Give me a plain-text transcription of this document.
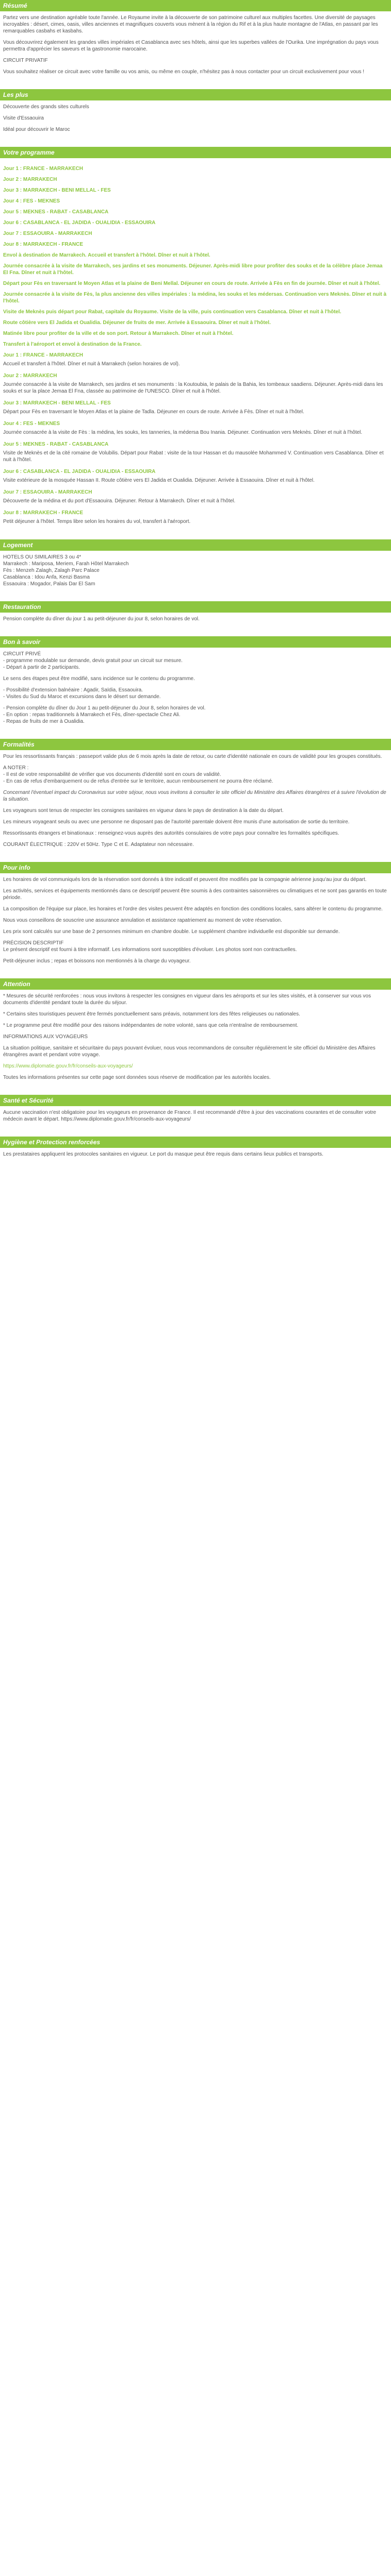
Résumé

Partez vers une destination agréable toute l'année. Le Royaume invite à la découverte de son patrimoine culturel aux multiples facettes. Une diversité de paysages incroyables : désert, cimes, oasis, villes anciennes et magnifiques couverts vous mènent à la région du Rif et à la plus haute montagne de l'Atlas, en passant par les remarquables casbahs et kasbahs.

Vous découvrirez également les grandes villes impériales et Casablanca avec ses hôtels, ainsi que les superbes vallées de l'Ourika. Une imprégnation du pays vous permettra d'apprécier les saveurs et la gastronomie marocaine.

CIRCUIT PRIVATIF

Vous souhaitez réaliser ce circuit avec votre famille ou vos amis, ou même en couple, n'hésitez pas à nous contacter pour un circuit exclusivement pour vous !

Les plus

Découverte des grands sites culturels

Visite d'Essaouira

Idéal pour découvrir le Maroc

Votre programme

Jour 1 : FRANCE - MARRAKECH

Jour 2 : MARRAKECH

Jour 3 : MARRAKECH - BENI MELLAL - FES

Jour 4 : FES - MEKNES

Jour 5 : MEKNES - RABAT - CASABLANCA

Jour 6 : CASABLANCA - EL JADIDA - OUALIDIA - ESSAOUIRA

Jour 7 : ESSAOUIRA - MARRAKECH

Jour 8 : MARRAKECH - FRANCE

Envol à destination de Marrakech. Accueil et transfert à l'hôtel. Dîner et nuit à l'hôtel.

Journée consacrée à la visite de Marrakech, ses jardins et ses monuments. Déjeuner. Après-midi libre pour profiter des souks et de la célèbre place Jemaa El Fna. Dîner et nuit à l'hôtel.

Départ pour Fès en traversant le Moyen Atlas et la plaine de Beni Mellal. Déjeuner en cours de route. Arrivée à Fès en fin de journée. Dîner et nuit à l'hôtel.

Journée consacrée à la visite de Fès, la plus ancienne des villes impériales : la médina, les souks et les médersas. Continuation vers Meknès. Dîner et nuit à l'hôtel.

Visite de Meknès puis départ pour Rabat, capitale du Royaume. Visite de la ville, puis continuation vers Casablanca. Dîner et nuit à l'hôtel.

Route côtière vers El Jadida et Oualidia. Déjeuner de fruits de mer. Arrivée à Essaouira. Dîner et nuit à l'hôtel.

Matinée libre pour profiter de la ville et de son port. Retour à Marrakech. Dîner et nuit à l'hôtel.

Transfert à l'aéroport et envol à destination de la France.

Jour 1 : FRANCE - MARRAKECH

Accueil et transfert à l'hôtel. Dîner et nuit à Marrakech (selon horaires de vol).

Jour 2 : MARRAKECH

Journée consacrée à la visite de Marrakech, ses jardins et ses monuments : la Koutoubia, le palais de la Bahia, les tombeaux saadiens. Déjeuner. Après-midi dans les souks et sur la place Jemaa El Fna, classée au patrimoine de l'UNESCO. Dîner et nuit à l'hôtel.

Jour 3 : MARRAKECH - BENI MELLAL - FES

Départ pour Fès en traversant le Moyen Atlas et la plaine de Tadla. Déjeuner en cours de route. Arrivée à Fès. Dîner et nuit à l'hôtel.

Jour 4 : FES - MEKNES

Journée consacrée à la visite de Fès : la médina, les souks, les tanneries, la médersa Bou Inania. Déjeuner. Continuation vers Meknès. Dîner et nuit à l'hôtel.

Jour 5 : MEKNES - RABAT - CASABLANCA

Visite de Meknès et de la cité romaine de Volubilis. Départ pour Rabat : visite de la tour Hassan et du mausolée Mohammed V. Continuation vers Casablanca. Dîner et nuit à l'hôtel.

Jour 6 : CASABLANCA - EL JADIDA - OUALIDIA - ESSAOUIRA

Visite extérieure de la mosquée Hassan II. Route côtière vers El Jadida et Oualidia. Déjeuner. Arrivée à Essaouira. Dîner et nuit à l'hôtel.

Jour 7 : ESSAOUIRA - MARRAKECH

Découverte de la médina et du port d'Essaouira. Déjeuner. Retour à Marrakech. Dîner et nuit à l'hôtel.

Jour 8 : MARRAKECH - FRANCE

Petit déjeuner à l'hôtel. Temps libre selon les horaires du vol, transfert à l'aéroport.

Logement

HOTELS OU SIMILAIRES 3 ou 4*
Marrakech : Mariposa, Meriem, Farah Hôtel Marrakech
Fès : Menzeh Zalagh, Zalagh Parc Palace
Casablanca : Idou Anfa, Kenzi Basma
Essaouira : Mogador, Palais Dar El Sam

Restauration

Pension complète du dîner du jour 1 au petit-déjeuner du jour 8, selon horaires de vol.

Bon à savoir

CIRCUIT PRIVÉ
- programme modulable sur demande, devis gratuit pour un circuit sur mesure.
- Départ à partir de 2 participants.

Le sens des étapes peut être modifié, sans incidence sur le contenu du programme.

- Possibilité d'extension balnéaire : Agadir, Saïdia, Essaouira.
- Visites du Sud du Maroc et excursions dans le désert sur demande.

- Pension complète du dîner du Jour 1 au petit-déjeuner du Jour 8, selon horaires de vol.
- En option : repas traditionnels à Marrakech et Fès, dîner-spectacle Chez Ali.
- Repas de fruits de mer à Oualidia.

Formalités

Pour les ressortissants français : passeport valide plus de 6 mois après la date de retour, ou carte d'identité nationale en cours de validité pour les groupes constitués.

A NOTER :
- Il est de votre responsabilité de vérifier que vos documents d'identité sont en cours de validité.
- En cas de refus d'embarquement ou de refus d'entrée sur le territoire, aucun remboursement ne pourra être réclamé.

Concernant l'éventuel impact du Coronavirus sur votre séjour, nous vous invitons à consulter le site officiel du Ministère des Affaires étrangères et à suivre l'évolution de la situation.

Les voyageurs sont tenus de respecter les consignes sanitaires en vigueur dans le pays de destination à la date du départ.

Les mineurs voyageant seuls ou avec une personne ne disposant pas de l'autorité parentale doivent être munis d'une autorisation de sortie du territoire.

Ressortissants étrangers et binationaux : renseignez-vous auprès des autorités consulaires de votre pays pour connaître les formalités spécifiques.

COURANT ÉLECTRIQUE : 220V et 50Hz. Type C et E. Adaptateur non nécessaire.

Pour info

Les horaires de vol communiqués lors de la réservation sont donnés à titre indicatif et peuvent être modifiés par la compagnie aérienne jusqu'au jour du départ.

Les activités, services et équipements mentionnés dans ce descriptif peuvent être soumis à des contraintes saisonnières ou climatiques et ne sont pas garantis en toute période.

La composition de l'équipe sur place, les horaires et l'ordre des visites peuvent être adaptés en fonction des conditions locales, sans altérer le contenu du programme.

Nous vous conseillons de souscrire une assurance annulation et assistance rapatriement au moment de votre réservation.

Les prix sont calculés sur une base de 2 personnes minimum en chambre double. Le supplément chambre individuelle est disponible sur demande.

PRÉCISION DESCRIPTIF
Le présent descriptif est fourni à titre informatif. Les informations sont susceptibles d'évoluer. Les photos sont non contractuelles.

Petit-déjeuner inclus ; repas et boissons non mentionnés à la charge du voyageur.

Attention

* Mesures de sécurité renforcées : nous vous invitons à respecter les consignes en vigueur dans les aéroports et sur les sites visités, et à conserver sur vous vos documents d'identité pendant toute la durée du séjour.

* Certains sites touristiques peuvent être fermés ponctuellement sans préavis, notamment lors des fêtes religieuses ou nationales.

* Le programme peut être modifié pour des raisons indépendantes de notre volonté, sans que cela n'entraîne de remboursement.

INFORMATIONS AUX VOYAGEURS

La situation politique, sanitaire et sécuritaire du pays pouvant évoluer, nous vous recommandons de consulter régulièrement le site officiel du Ministère des Affaires étrangères avant et pendant votre voyage.

https://www.diplomatie.gouv.fr/fr/conseils-aux-voyageurs/

Toutes les informations présentes sur cette page sont données sous réserve de modification par les autorités locales.

Santé et Sécurité

Aucune vaccination n'est obligatoire pour les voyageurs en provenance de France. Il est recommandé d'être à jour des vaccinations courantes et de consulter votre médecin avant le départ. https://www.diplomatie.gouv.fr/fr/conseils-aux-voyageurs/

Hygiène et Protection renforcées

Les prestataires appliquent les protocoles sanitaires en vigueur. Le port du masque peut être requis dans certains lieux publics et transports.
